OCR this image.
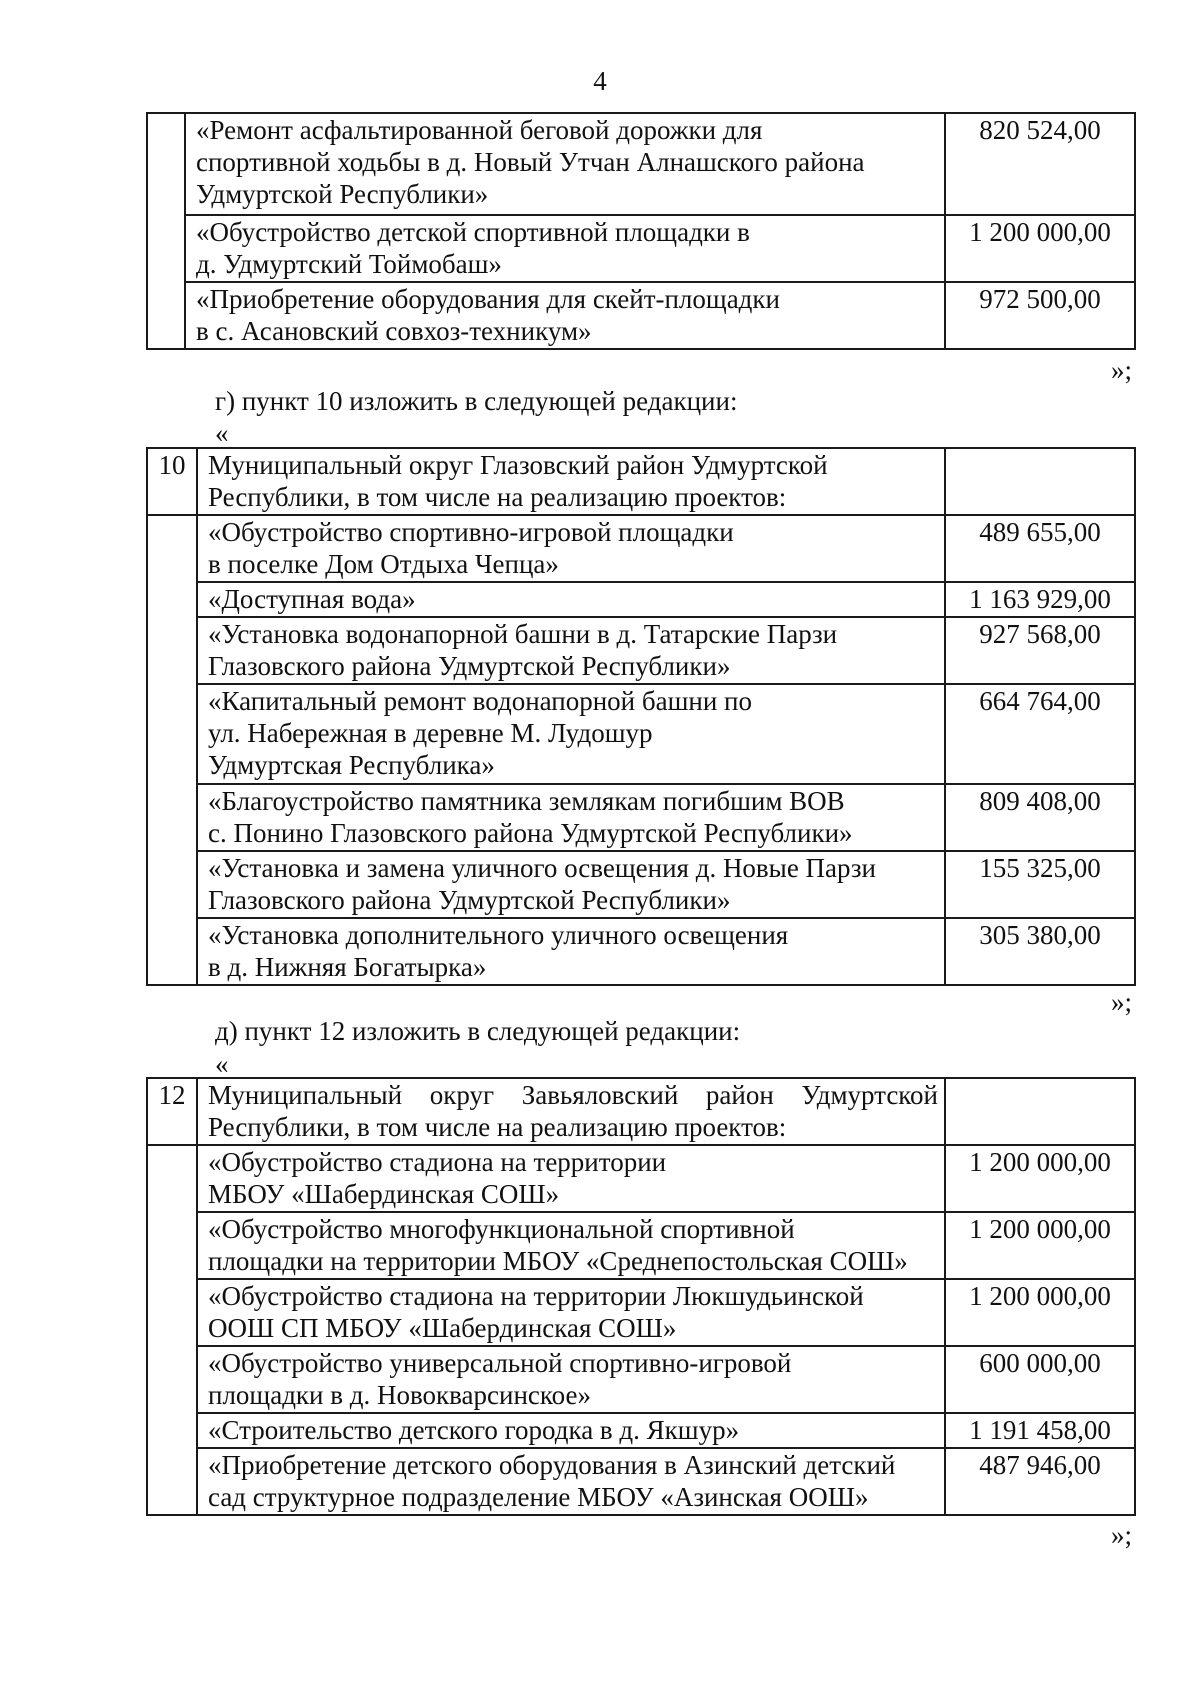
4

	«Ремонт асфальтированной беговой дорожки для
спортивной ходьбы в д. Новый Утчан Алнашского района
Удмуртской Республики»	820 524,00

	«Обустройство детской спортивной площадки в
д. Удмуртский Тоймобаш»	1 200 000,00

	«Приобретение оборудования для скейт-площадки
в с. Асановский совхоз-техникум»	972 500,00
»;
г) пункт 10 изложить в следующей редакции:
«
10	Муниципальный округ Глазовский район Удмуртской
Республики, в том числе на реализацию проектов:	

	«Обустройство спортивно-игровой площадки
в поселке Дом Отдыха Чепца»	489 655,00

	«Доступная вода»	1 163 929,00

	«Установка водонапорной башни в д. Татарские Парзи
Глазовского района Удмуртской Республики»	927 568,00

	«Капитальный ремонт водонапорной башни по
ул. Набережная в деревне М. Лудошур
Удмуртская Республика»	664 764,00

	«Благоустройство памятника землякам погибшим ВОВ
с. Понино Глазовского района Удмуртской Республики»	809 408,00

	«Установка и замена уличного освещения д. Новые Парзи
Глазовского района Удмуртской Республики»	155 325,00

	«Установка дополнительного уличного освещения
в д. Нижняя Богатырка»	305 380,00
»;
д) пункт 12 изложить в следующей редакции:
«
12	Муниципальный округ Завьяловский район Удмуртской
Республики, в том числе на реализацию проектов:	

	«Обустройство стадиона на территории
МБОУ «Шабердинская СОШ»	1 200 000,00

	«Обустройство многофункциональной спортивной
площадки на территории МБОУ «Среднепостольская СОШ»	1 200 000,00

	«Обустройство стадиона на территории Люкшудьинской
ООШ СП МБОУ «Шабердинская СОШ»	1 200 000,00

	«Обустройство универсальной спортивно-игровой
площадки в д. Новокварсинское»	600 000,00

	«Строительство детского городка в д. Якшур»	1 191 458,00

	«Приобретение детского оборудования в Азинский детский
сад структурное подразделение МБОУ «Азинская ООШ»	487 946,00
»;
